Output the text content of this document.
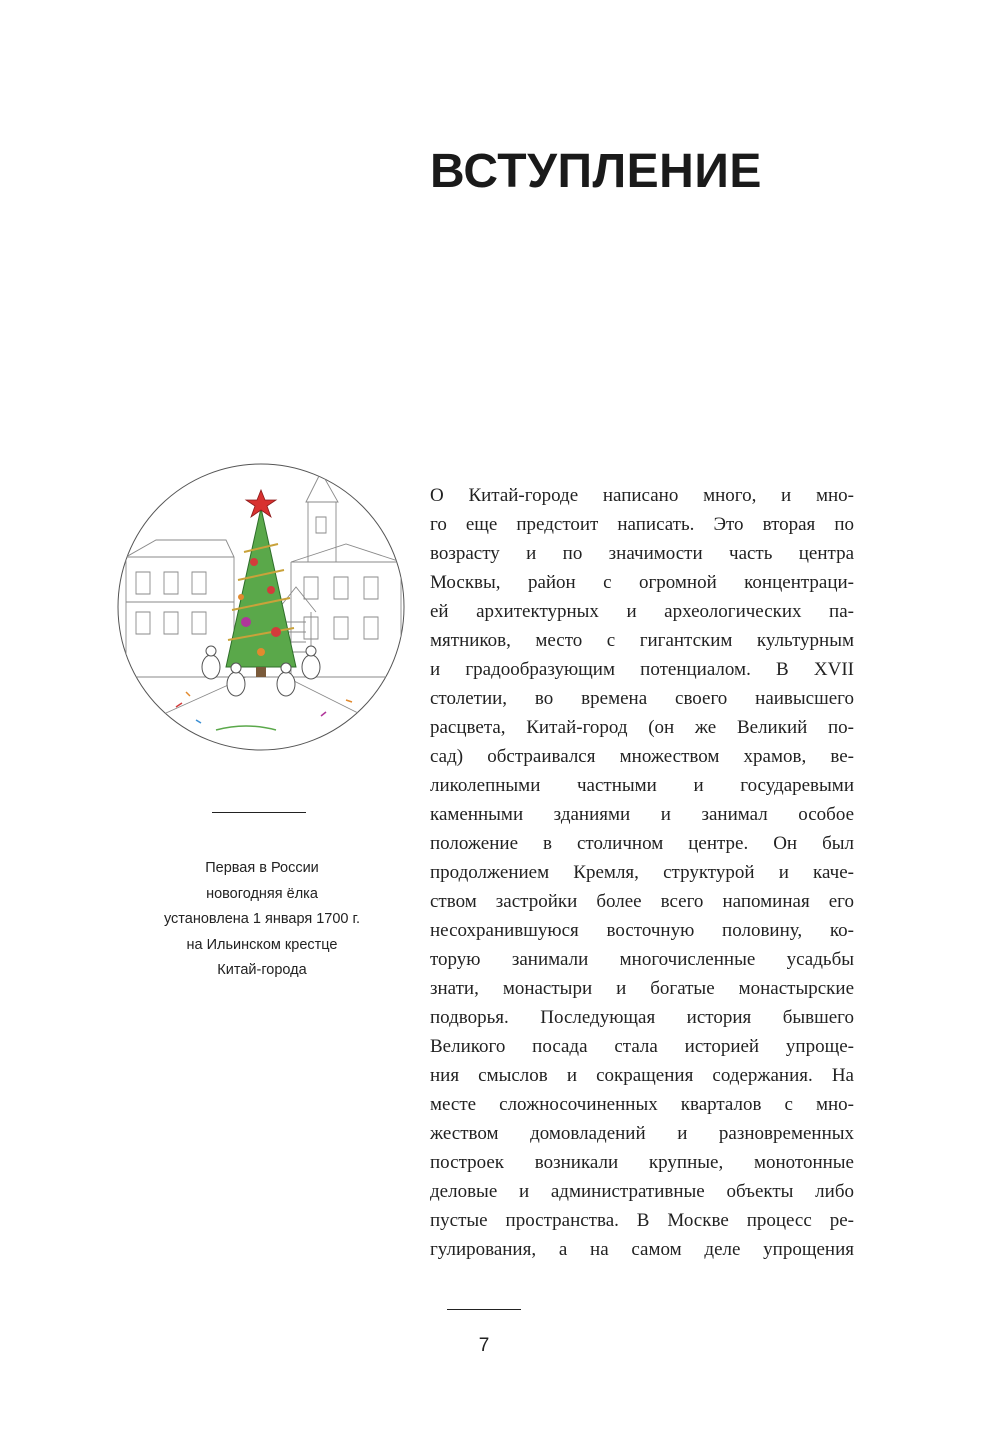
ВСТУПЛЕНИЕ
Первая в России
новогодняя ёлка
установлена 1 января 1700 г.
на Ильинском крестце
Китай-города
О Китай-городе написано много, и мно-
го еще предстоит написать. Это вторая по
возрасту и по значимости часть центра
Москвы, район с огромной концентраци-
ей архитектурных и археологических па-
мятников, место с гигантским культурным
и градообразующим потенциалом. В XVII
столетии, во времена своего наивысшего
расцвета, Китай-город (он же Великий по-
сад) обстраивался множеством храмов, ве-
ликолепными частными и государевыми
каменными зданиями и занимал особое
положение в столичном центре. Он был
продолжением Кремля, структурой и каче-
ством застройки более всего напоминая его
несохранившуюся восточную половину, ко-
торую занимали многочисленные усадьбы
знати, монастыри и богатые монастырские
подворья. Последующая история бывшего
Великого посада стала историей упроще-
ния смыслов и сокращения содержания. На
месте сложносочиненных кварталов с мно-
жеством домовладений и разновременных
построек возникали крупные, монотонные
деловые и административные объекты либо
пустые пространства. В Москве процесс ре-
гулирования, а на самом деле упрощения
7
